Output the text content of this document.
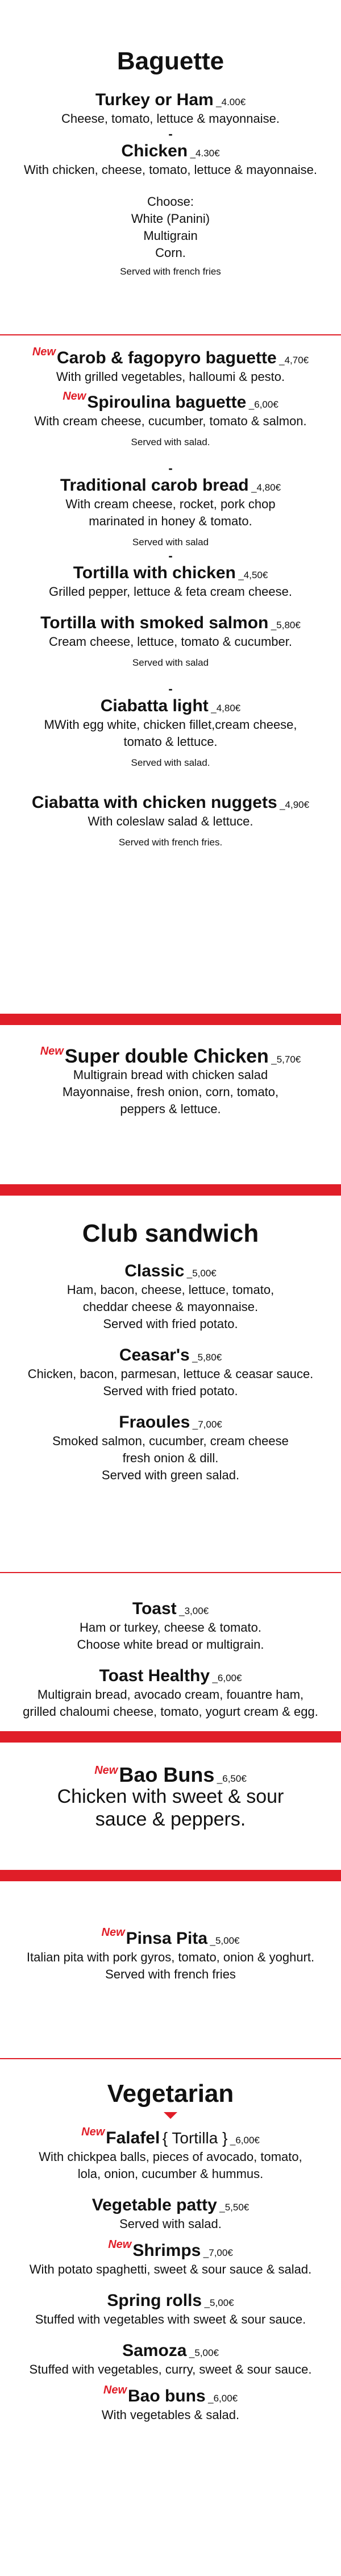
Baguette

Turkey or Ham _4.00€

Cheese, tomato, lettuce & mayonnaise.

-

Chicken _4.30€

With chicken, cheese, tomato, lettuce & mayonnaise.

Choose:

White (Panini)

Multigrain

Corn.

Served with french fries

NewCarob & fagopyro baguette _4,70€

With grilled vegetables, halloumi & pesto.

NewSpiroulina baguette _6,00€

With cream cheese, cucumber, tomato & salmon.

Served with salad.

-

Traditional carob bread _4,80€

With cream cheese, rocket, pork chop

marinated in honey & tomato.

Served with salad

-

Tortilla with chicken _4,50€

Grilled pepper, lettuce & feta cream cheese.

Tortilla with smoked salmon _5,80€

Cream cheese, lettuce, tomato & cucumber.

Served with salad

-

Ciabatta light _4,80€

MWith egg white, chicken fillet,cream cheese,

tomato & lettuce.

Served with salad.

Ciabatta with chicken nuggets _4,90€

With coleslaw salad & lettuce.

Served with french fries.

NewSuper double Chicken _5,70€

Multigrain bread with chicken salad

Mayonnaise, fresh onion, corn, tomato,

peppers & lettuce.

Club sandwich

Classic _5,00€

Ham, bacon, cheese, lettuce, tomato,

cheddar cheese & mayonnaise.

Served with fried potato.

Ceasar's _5,80€

Chicken, bacon, parmesan, lettuce & ceasar sauce.

Served with fried potato.

Fraoules _7,00€

Smoked salmon, cucumber, cream cheese

fresh onion & dill.

Served with green salad.

Toast _3,00€

Ham or turkey, cheese & tomato.

Choose white bread or multigrain.

Toast Healthy _6,00€

Multigrain bread, avocado cream, fouantre ham,

grilled chaloumi cheese, tomato, yogurt cream & egg.

NewBao Buns _6,50€

Chicken with sweet & sour

sauce & peppers.

NewPinsa Pita _5,00€

Italian pita with pork gyros, tomato, onion & yoghurt.

Served with french fries

Vegetarian

NewFalafel { Tortilla } _6,00€

With chickpea balls, pieces of avocado, tomato,

lola, onion, cucumber & hummus.

Vegetable patty _5,50€

Served with salad.

NewShrimps _7,00€

With potato spaghetti, sweet & sour sauce & salad.

Spring rolls _5,00€

Stuffed with vegetables with sweet & sour sauce.

Samoza _5,00€

Stuffed with vegetables, curry, sweet & sour sauce.

NewBao buns _6,00€

With vegetables & salad.
